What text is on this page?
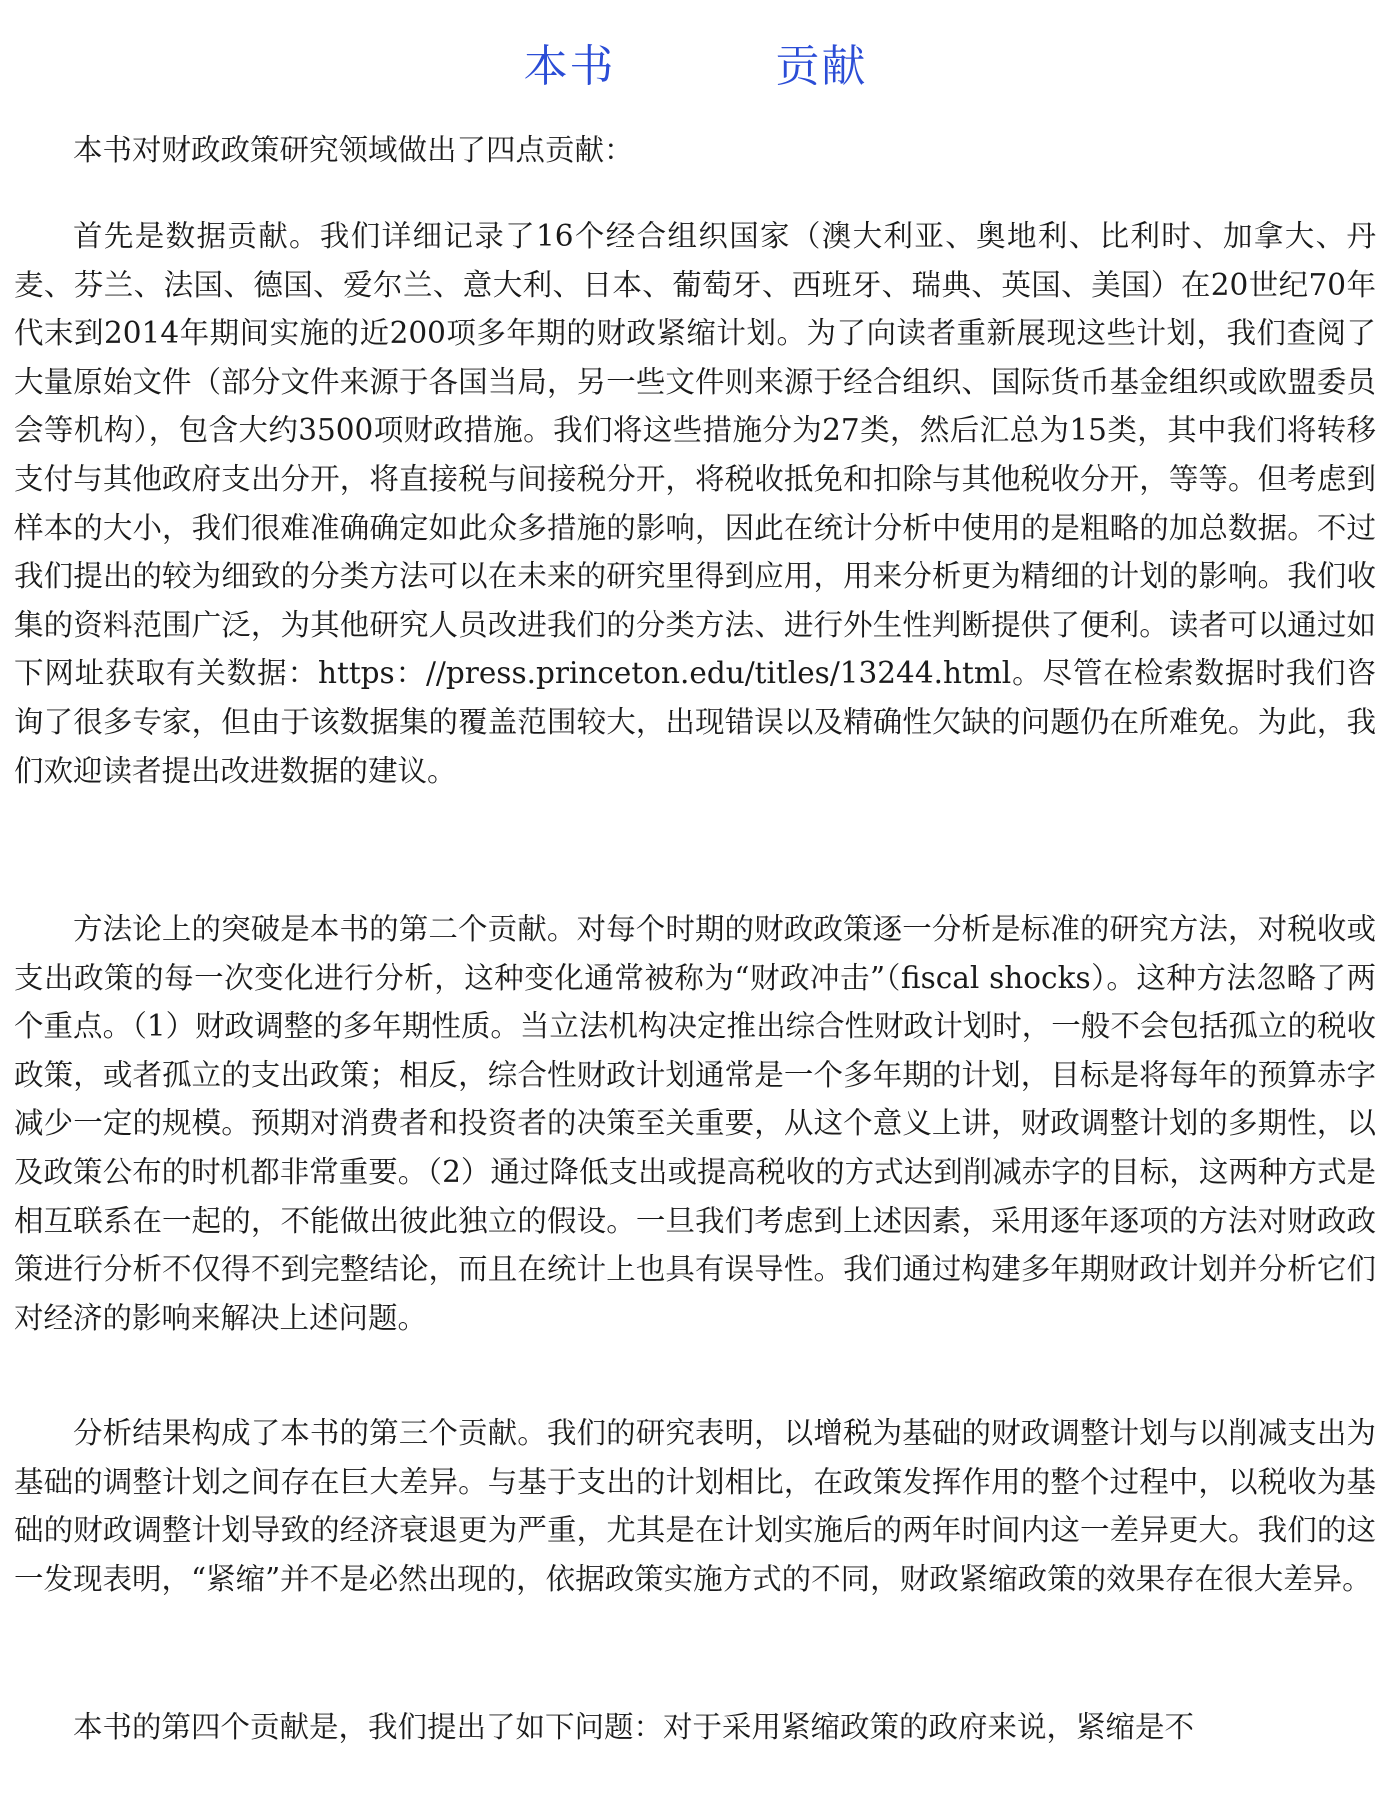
本书          贡献

本书对财政政策研究领域做出了四点贡献：

首先是数据贡献。我们详细记录了16个经合组织国家（澳大利亚、奥地利、比利时、加拿大、丹麦、芬兰、法国、德国、爱尔兰、意大利、日本、葡萄牙、西班牙、瑞典、英国、美国）在20世纪70年代末到2014年期间实施的近200项多年期的财政紧缩计划。为了向读者重新展现这些计划，我们查阅了大量原始文件（部分文件来源于各国当局，另一些文件则来源于经合组织、国际货币基金组织或欧盟委员会等机构），包含大约3500项财政措施。我们将这些措施分为27类，然后汇总为15类，其中我们将转移支付与其他政府支出分开，将直接税与间接税分开，将税收抵免和扣除与其他税收分开，等等。但考虑到样本的大小，我们很难准确确定如此众多措施的影响，因此在统计分析中使用的是粗略的加总数据。不过我们提出的较为细致的分类方法可以在未来的研究里得到应用，用来分析更为精细的计划的影响。我们收集的资料范围广泛，为其他研究人员改进我们的分类方法、进行外生性判断提供了便利。读者可以通过如下网址获取有关数据：https：//press.princeton.edu/titles/13244.html。尽管在检索数据时我们咨询了很多专家，但由于该数据集的覆盖范围较大，出现错误以及精确性欠缺的问题仍在所难免。为此，我们欢迎读者提出改进数据的建议。

方法论上的突破是本书的第二个贡献。对每个时期的财政政策逐一分析是标准的研究方法，对税收或支出政策的每一次变化进行分析，这种变化通常被称为“财政冲击”（fiscal shocks）。这种方法忽略了两个重点。（1）财政调整的多年期性质。当立法机构决定推出综合性财政计划时，一般不会包括孤立的税收政策，或者孤立的支出政策；相反，综合性财政计划通常是一个多年期的计划，目标是将每年的预算赤字减少一定的规模。预期对消费者和投资者的决策至关重要，从这个意义上讲，财政调整计划的多期性，以及政策公布的时机都非常重要。（2）通过降低支出或提高税收的方式达到削减赤字的目标，这两种方式是相互联系在一起的，不能做出彼此独立的假设。一旦我们考虑到上述因素，采用逐年逐项的方法对财政政策进行分析不仅得不到完整结论，而且在统计上也具有误导性。我们通过构建多年期财政计划并分析它们对经济的影响来解决上述问题。

分析结果构成了本书的第三个贡献。我们的研究表明，以增税为基础的财政调整计划与以削减支出为基础的调整计划之间存在巨大差异。与基于支出的计划相比，在政策发挥作用的整个过程中，以税收为基础的财政调整计划导致的经济衰退更为严重，尤其是在计划实施后的两年时间内这一差异更大。我们的这一发现表明，“紧缩”并不是必然出现的，依据政策实施方式的不同，财政紧缩政策的效果存在很大差异。

本书的第四个贡献是，我们提出了如下问题：对于采用紧缩政策的政府来说，紧缩是不
